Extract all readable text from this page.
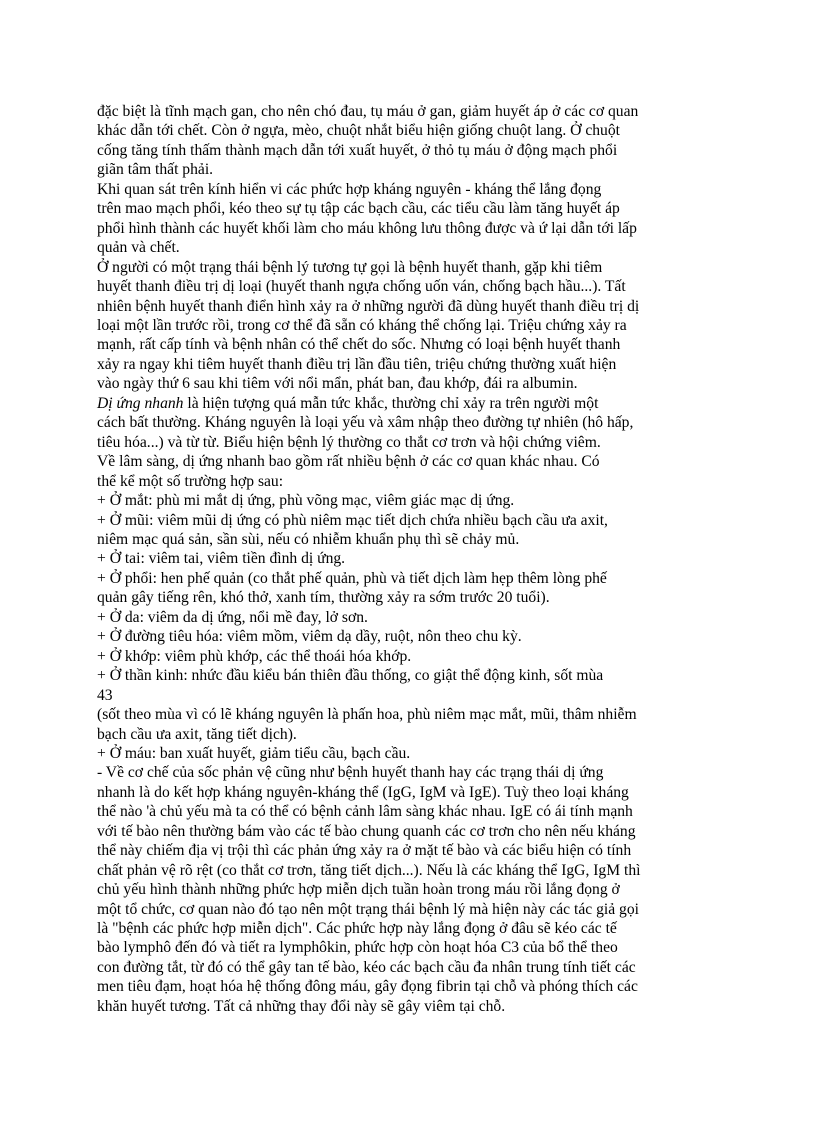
đặc biệt là tĩnh mạch gan, cho nên chó đau, tụ máu ở gan, giảm huyết áp ở các cơ quan
khác dẫn tới chết. Còn ở ngựa, mèo, chuột nhắt biểu hiện giống chuột lang. Ở chuột
cống tăng tính thấm thành mạch dẫn tới xuất huyết, ở thỏ tụ máu ở động mạch phổi
giãn tâm thất phải.
Khi quan sát trên kính hiển vi các phức hợp kháng nguyên - kháng thể lắng đọng
trên mao mạch phổi, kéo theo sự tụ tập các bạch cầu, các tiểu cầu làm tăng huyết áp
phổi hình thành các huyết khối làm cho máu không lưu thông được và ứ lại dẫn tới lấp
quản và chết.
Ở người có một trạng thái bệnh lý tương tự gọi là bệnh huyết thanh, gặp khi tiêm
huyết thanh điều trị dị loại (huyết thanh ngựa chống uốn ván, chống bạch hầu...). Tất
nhiên bệnh huyết thanh điển hình xảy ra ở những người đã dùng huyết thanh điều trị dị
loại một lần trước rồi, trong cơ thể đã sẵn có kháng thể chống lại. Triệu chứng xảy ra
mạnh, rất cấp tính và bệnh nhân có thể chết do sốc. Nhưng có loại bệnh huyết thanh
xảy ra ngay khi tiêm huyết thanh điều trị lần đầu tiên, triệu chứng thường xuất hiện
vào ngày thứ 6 sau khi tiêm với nổi mẩn, phát ban, đau khớp, đái ra albumin.
Dị ứng nhanh là hiện tượng quá mẫn tức khắc, thường chỉ xảy ra trên người một
cách bất thường. Kháng nguyên là loại yếu và xâm nhập theo đường tự nhiên (hô hấp,
tiêu hóa...) và từ từ. Biểu hiện bệnh lý thường co thắt cơ trơn và hội chứng viêm.
Về lâm sàng, dị ứng nhanh bao gồm rất nhiều bệnh ở các cơ quan khác nhau. Có
thể kể một số trường hợp sau:
+ Ở mắt: phù mi mắt dị ứng, phù võng mạc, viêm giác mạc dị ứng.
+ Ở mũi: viêm mũi dị ứng có phù niêm mạc tiết dịch chứa nhiều bạch cầu ưa axit,
niêm mạc quá sản, sần sùi, nếu có nhiễm khuẩn phụ thì sẽ chảy mủ.
+ Ở tai: viêm tai, viêm tiền đình dị ứng.
+ Ở phổi: hen phế quản (co thắt phế quản, phù và tiết dịch làm hẹp thêm lòng phế
quản gây tiếng rên, khó thở, xanh tím, thường xảy ra sớm trước 20 tuổi).
+ Ở da: viêm da dị ứng, nổi mề đay, lở sơn.
+ Ở đường tiêu hóa: viêm mồm, viêm dạ dầy, ruột, nôn theo chu kỳ.
+ Ở khớp: viêm phù khớp, các thể thoái hóa khớp.
+ Ở thần kinh: nhức đầu kiểu bán thiên đầu thống, co giật thể động kinh, sốt mùa
43
(sốt theo mùa vì có lẽ kháng nguyên là phấn hoa, phù niêm mạc mắt, mũi, thâm nhiễm
bạch cầu ưa axit, tăng tiết dịch).
+ Ở máu: ban xuất huyết, giảm tiểu cầu, bạch cầu.
- Về cơ chế của sốc phản vệ cũng như bệnh huyết thanh hay các trạng thái dị ứng
nhanh là do kết hợp kháng nguyên-kháng thể (IgG, IgM và IgE). Tuỳ theo loại kháng
thể nào 'à chủ yếu mà ta có thể có bệnh cảnh lâm sàng khác nhau. IgE có ái tính mạnh
với tế bào nên thường bám vào các tế bào chung quanh các cơ trơn cho nên nếu kháng
thể này chiếm địa vị trội thì các phản ứng xảy ra ở mặt tế bào và các biểu hiện có tính
chất phản vệ rõ rệt (co thắt cơ trơn, tăng tiết dịch...). Nếu là các kháng thể IgG, IgM thì
chủ yếu hình thành những phức hợp miễn dịch tuần hoàn trong máu rồi lắng đọng ở
một tổ chức, cơ quan nào đó tạo nên một trạng thái bệnh lý mà hiện này các tác giả gọi
là "bệnh các phức hợp miễn dịch". Các phức hợp này lắng đọng ở đâu sẽ kéo các tế
bào lymphô đến đó và tiết ra lymphôkin, phức hợp còn hoạt hóa C3 của bổ thể theo
con đường tắt, từ đó có thể gây tan tế bào, kéo các bạch cầu đa nhân trung tính tiết các
men tiêu đạm, hoạt hóa hệ thống đông máu, gây đọng fibrin tại chỗ và phóng thích các
khăn huyết tương. Tất cả những thay đổi này sẽ gây viêm tại chỗ.
